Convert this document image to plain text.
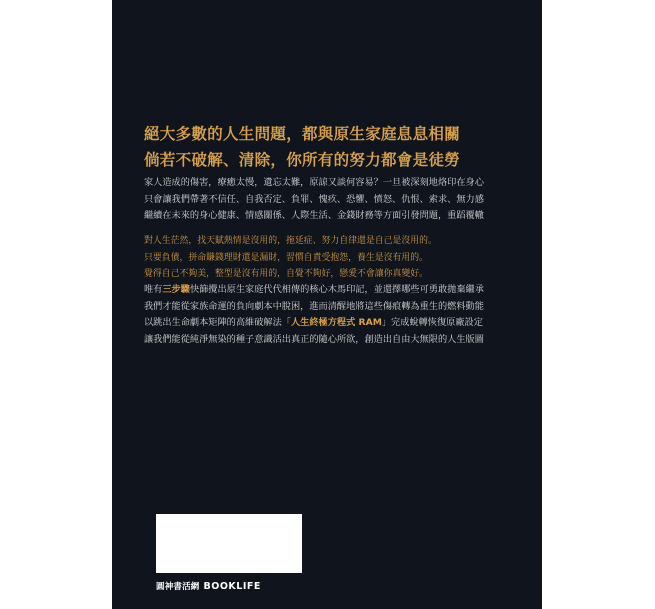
絕大多數的人生問題，都與原生家庭息息相關
倘若不破解、清除，你所有的努力都會是徒勞
家人造成的傷害，療癒太慢，遺忘太難，原諒又談何容易？一旦被深刻地烙印在身心
只會讓我們帶著不信任、自我否定、負罪、愧疚、恐懼、憤怒、仇恨、索求、無力感
繼續在未來的身心健康、情感關係、人際生活、金錢財務等方面引發問題，重蹈覆轍
對人生茫然，找天賦熱情是沒用的，拖延症、努力自律還是自己是沒用的。
只要負債，拼命賺錢理財還是漏財，習慣自責受抱怨，養生是沒有用的。
覺得自己不夠美，整型是沒有用的，自覺不夠好，戀愛不會讓你真變好。
唯有三步驟快篩攪出原生家庭代代相傳的核心木馬印記，並還擇哪些可勇敢拋棄繼承
我們才能從家族命運的負向劇本中脫困，進而清醒地將這些傷痕轉為重生的燃料動能
以跳出生命劇本矩陣的高維破解法「人生終極方程式 RAM」完成蛻轉恢復原廠設定
讓我們能從純淨無染的種子意識活出真正的隨心所欲，創造出自由大無限的人生版圖
圓神書活網 BOOKLIFE
